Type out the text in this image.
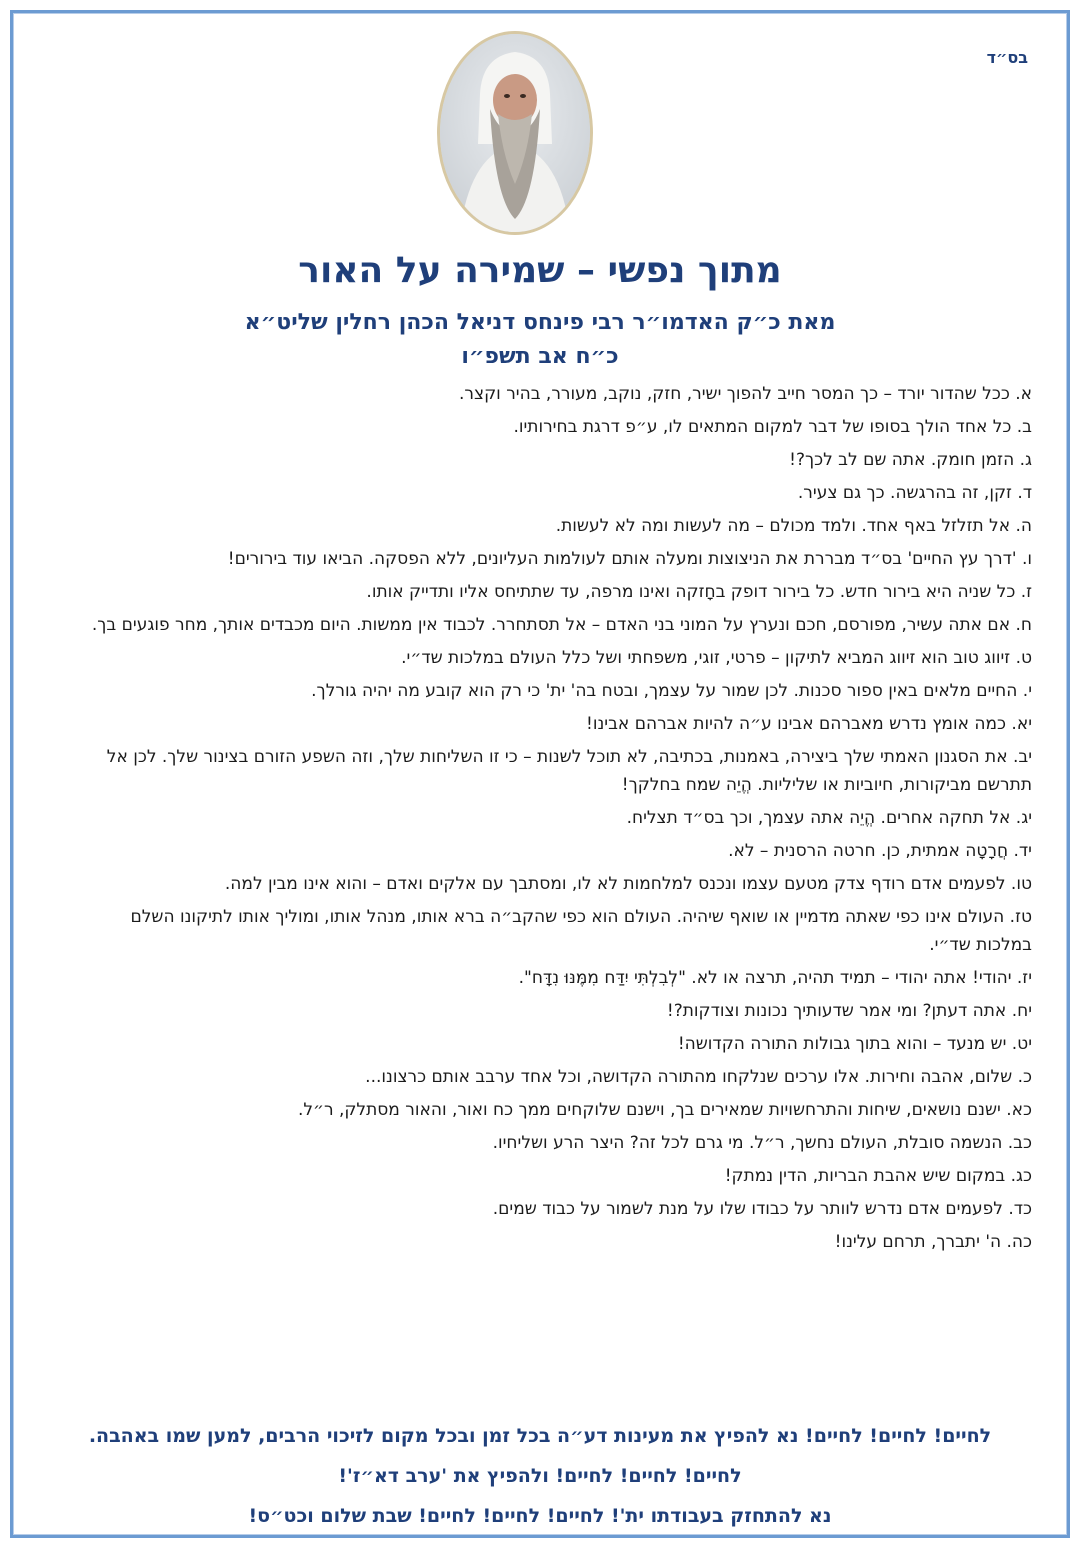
בס״ד
מתוך נפשי – שמירה על האור
מאת כ״ק האדמו״ר רבי פינחס דניאל הכהן רחלין שליט״א
כ״ח אב תשפ״ו
א. ככל שהדור יורד – כך המסר חייב להפוך ישיר, חזק, נוקב, מעורר, בהיר וקצר.
ב. כל אחד הולך בסופו של דבר למקום המתאים לו, ע״פ דרגת בחירותיו.
ג. הזמן חומק. אתה שם לב לכך?!
ד. זקן, זה בהרגשה. כך גם צעיר.
ה. אל תזלזל באף אחד. ולמד מכולם – מה לעשות ומה לא לעשות.
ו. 'דרך עץ החיים' בס״ד מבררת את הניצוצות ומעלה אותם לעולמות העליונים, ללא הפסקה. הביאו עוד בירורים!
ז. כל שניה היא בירור חדש. כל בירור דופק בחָזקה ואינו מרפה, עד שתתיחס אליו ותדייק אותו.
ח. אם אתה עשיר, מפורסם, חכם ונערץ על המוני בני האדם – אל תסתחרר. לכבוד אין ממשות. היום מכבדים אותך, מחר פוגעים בך.
ט. זיווג טוב הוא זיווג המביא לתיקון – פרטי, זוגי, משפחתי ושל כלל העולם במלכות שד״י.
י. החיים מלאים באין ספור סכנות. לכן שמור על עצמך, ובטח בה' ית' כי רק הוא קובע מה יהיה גורלך.
יא. כמה אומץ נדרש מאברהם אבינו ע״ה להיות אברהם אבינו!
יב. את הסגנון האמתי שלך ביצירה, באמנות, בכתיבה, לא תוכל לשנות – כי זו השליחות שלך, וזה השפע הזורם בצינור שלך. לכן אל תתרשם מביקורות, חיוביות או שליליות. הֱיֵה שמח בחלקך!
יג. אל תחקה אחרים. הֱיֵה אתה עצמך, וכך בס״ד תצליח.
יד. חֲרָטָה אמתית, כן. חרטה הרסנית – לא.
טו. לפעמים אדם רודף צדק מטעם עצמו ונכנס למלחמות לא לו, ומסתבך עם אלקים ואדם – והוא אינו מבין למה.
טז. העולם אינו כפי שאתה מדמיין או שואף שיהיה. העולם הוא כפי שהקב״ה ברא אותו, מנהל אותו, ומוליך אותו לתיקונו השלם במלכות שד״י.
יז. יהודי! אתה יהודי – תמיד תהיה, תרצה או לא. "לְבִלְתִּי יִדַּח מִמֶּנּוּ נִדָּח".
יח. אתה דעתן? ומי אמר שדעותיך נכונות וצודקות?!
יט. יש מנעד – והוא בתוך גבולות התורה הקדושה!
כ. שלום, אהבה וחירות. אלו ערכים שנלקחו מהתורה הקדושה, וכל אחד ערבב אותם כרצונו...
כא. ישנם נושאים, שיחות והתרחשויות שמאירים בך, וישנם שלוקחים ממך כח ואור, והאור מסתלק, ר״ל.
כב. הנשמה סובלת, העולם נחשך, ר״ל. מי גרם לכל זה? היצר הרע ושליחיו.
כג. במקום שיש אהבת הבריות, הדין נמתק!
כד. לפעמים אדם נדרש לוותר על כבודו שלו על מנת לשמור על כבוד שמים.
כה. ה' יתברך, תרחם עלינו!
לחיים! לחיים! לחיים! נא להפיץ את מעינות דע״ה בכל זמן ובכל מקום לזיכוי הרבים, למען שמו באהבה.
לחיים! לחיים! לחיים! ולהפיץ את 'ערב דא״ז'!
נא להתחזק בעבודתו ית'! לחיים! לחיים! לחיים! שבת שלום וכט״ס!
